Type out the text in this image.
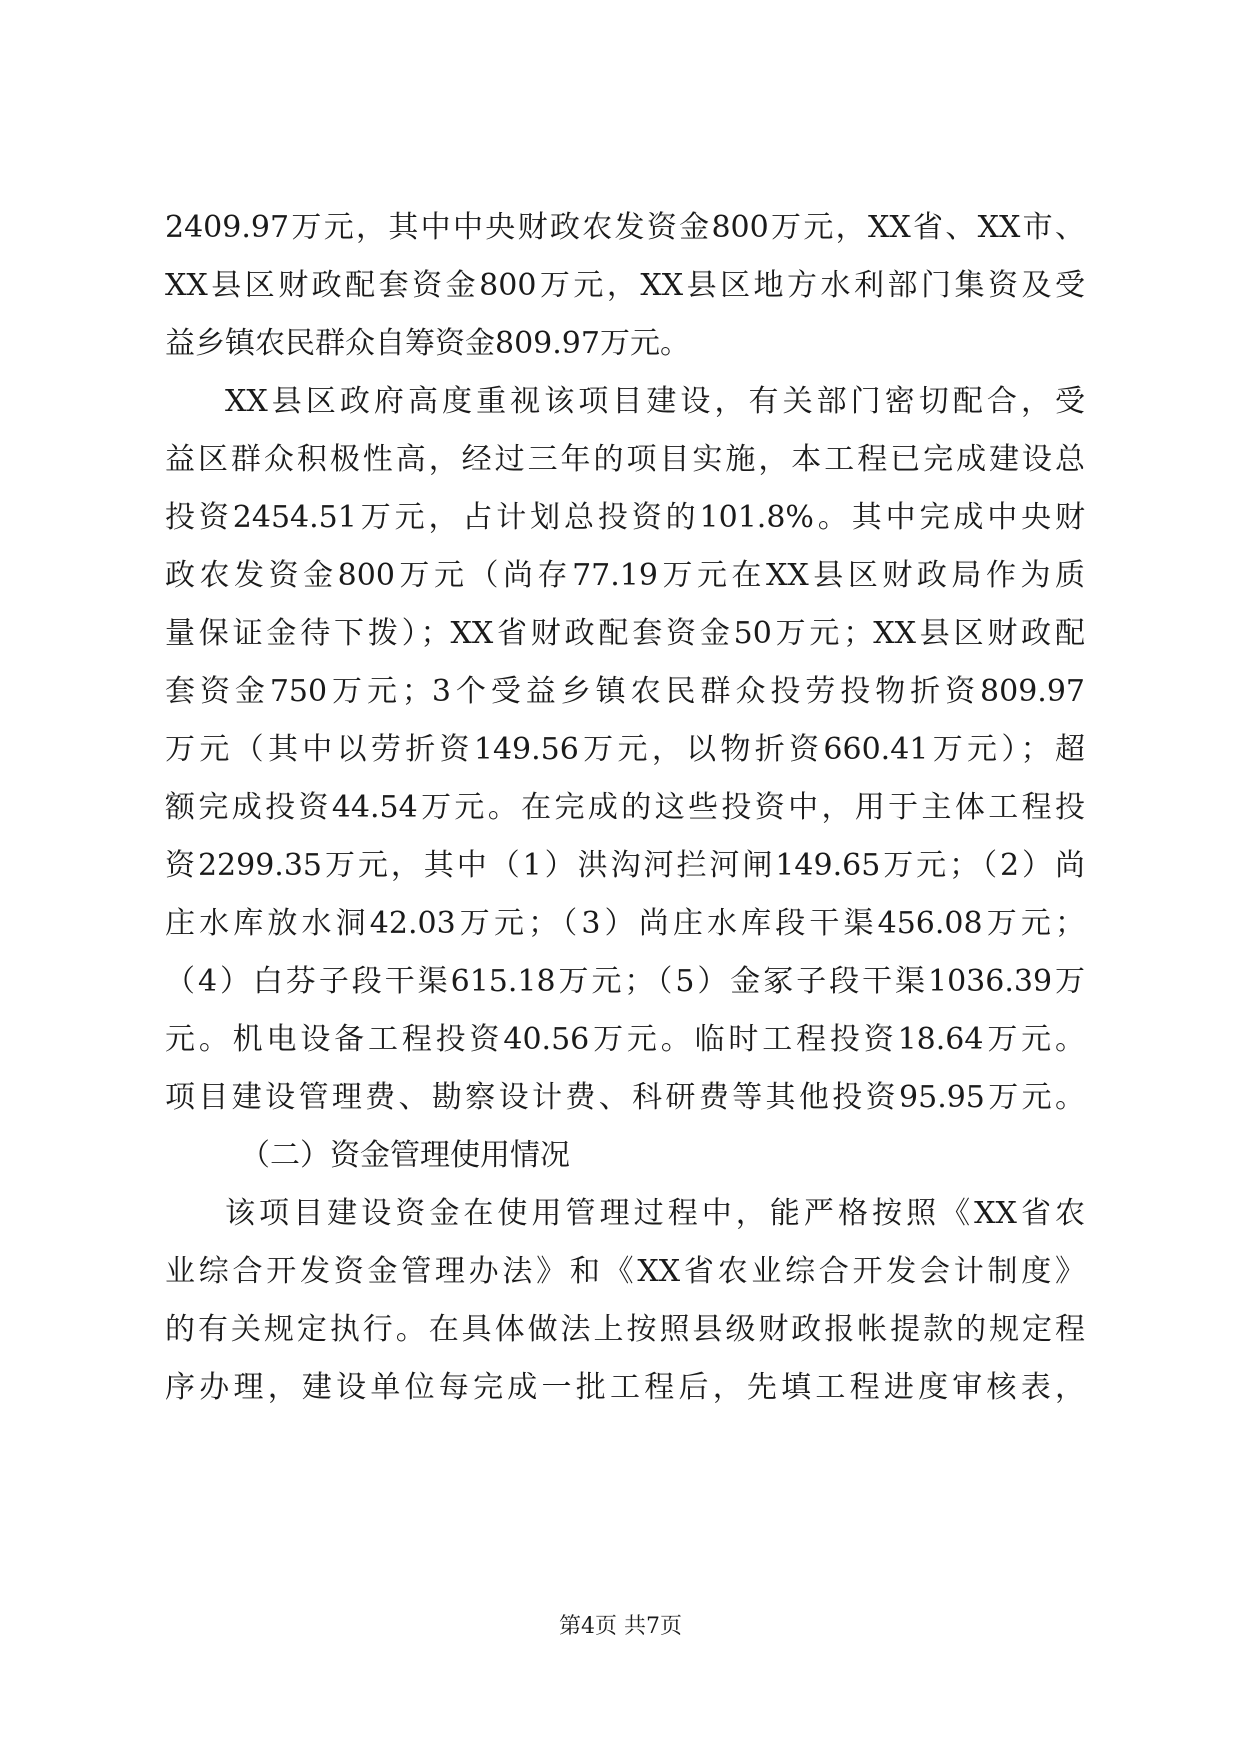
2409.97万元，其中中央财政农发资金800万元，XX省、XX市、
XX县区财政配套资金800万元，XX县区地方水利部门集资及受
益乡镇农民群众自筹资金809.97万元。
XX县区政府高度重视该项目建设，有关部门密切配合，受
益区群众积极性高，经过三年的项目实施，本工程已完成建设总
投资2454.51万元，占计划总投资的101.8%。其中完成中央财
政农发资金800万元（尚存77.19万元在XX县区财政局作为质
量保证金待下拨）；XX省财政配套资金50万元；XX县区财政配
套资金750万元；3个受益乡镇农民群众投劳投物折资809.97
万元（其中以劳折资149.56万元，以物折资660.41万元）；超
额完成投资44.54万元。在完成的这些投资中，用于主体工程投
资2299.35万元，其中（1）洪沟河拦河闸149.65万元；（2）尚
庄水库放水洞42.03万元；（3）尚庄水库段干渠456.08万元；
（4）白芬子段干渠615.18万元；（5）金冢子段干渠1036.39万
元。机电设备工程投资40.56万元。临时工程投资18.64万元。
项目建设管理费、勘察设计费、科研费等其他投资95.95万元。
（二）资金管理使用情况
该项目建设资金在使用管理过程中，能严格按照《XX省农
业综合开发资金管理办法》和《XX省农业综合开发会计制度》
的有关规定执行。在具体做法上按照县级财政报帐提款的规定程
序办理，建设单位每完成一批工程后，先填工程进度审核表，
第4页 共7页
